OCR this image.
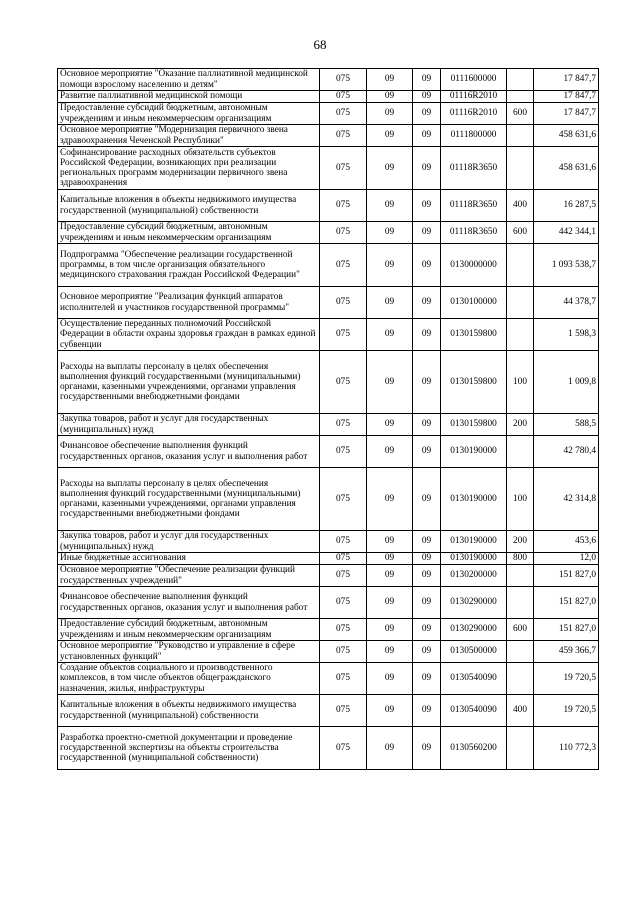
68
Основное мероприятие "Оказание паллиативной медицинской помощи взрослому населению и детям"	075	09	09	0111600000		17 847,7
Развитие паллиативной медицинской помощи	075	09	09	01116R2010		17 847,7
Предоставление субсидий бюджетным, автономным учреждениям и иным некоммерческим организациям	075	09	09	01116R2010	600	17 847,7
Основное мероприятие "Модернизация первичного звена здравоохранения Чеченской Республики"	075	09	09	0111800000		458 631,6
Софинансирование расходных обязательств субъектов Российской Федерации, возникающих при реализации региональных программ модернизации первичного звена здравоохранения	075	09	09	01118R3650		458 631,6
Капитальные вложения в объекты недвижимого имущества государственной (муниципальной) собственности	075	09	09	01118R3650	400	16 287,5
Предоставление субсидий бюджетным, автономным учреждениям и иным некоммерческим организациям	075	09	09	01118R3650	600	442 344,1
Подпрограмма "Обеспечение реализации государственной программы, в том числе организация обязательного медицинского страхования граждан Российской Федерации"	075	09	09	0130000000		1 093 538,7
Основное мероприятие "Реализация функций аппаратов исполнителей и участников государственной программы"	075	09	09	0130100000		44 378,7
Осуществление переданных полномочий Российской Федерации в области охраны здоровья граждан в рамках единой субвенции	075	09	09	0130159800		1 598,3
Расходы на выплаты персоналу в целях обеспечения выполнения функций государственными (муниципальными) органами, казенными учреждениями, органами управления государственными внебюджетными фондами	075	09	09	0130159800	100	1 009,8
Закупка товаров, работ и услуг для государственных (муниципальных) нужд	075	09	09	0130159800	200	588,5
Финансовое обеспечение выполнения функций государственных органов, оказания услуг и выполнения работ	075	09	09	0130190000		42 780,4
Расходы на выплаты персоналу в целях обеспечения выполнения функций государственными (муниципальными) органами, казенными учреждениями, органами управления государственными внебюджетными фондами	075	09	09	0130190000	100	42 314,8
Закупка товаров, работ и услуг для государственных (муниципальных) нужд	075	09	09	0130190000	200	453,6
Иные бюджетные ассигнования	075	09	09	0130190000	800	12,0
Основное мероприятие "Обеспечение реализации функций государственных учреждений"	075	09	09	0130200000		151 827,0
Финансовое обеспечение выполнения функций государственных органов, оказания услуг и выполнения работ	075	09	09	0130290000		151 827,0
Предоставление субсидий бюджетным, автономным учреждениям и иным некоммерческим организациям	075	09	09	0130290000	600	151 827,0
Основное мероприятие "Руководство и управление в сфере установленных функций"	075	09	09	0130500000		459 366,7
Создание объектов социального и производственного комплексов, в том числе объектов общегражданского назначения, жилья, инфраструктуры	075	09	09	0130540090		19 720,5
Капитальные вложения в объекты недвижимого имущества государственной (муниципальной) собственности	075	09	09	0130540090	400	19 720,5
Разработка проектно-сметной документации и проведение государственной экспертизы на объекты строительства государственной (муниципальной собственности)	075	09	09	0130560200		110 772,3
